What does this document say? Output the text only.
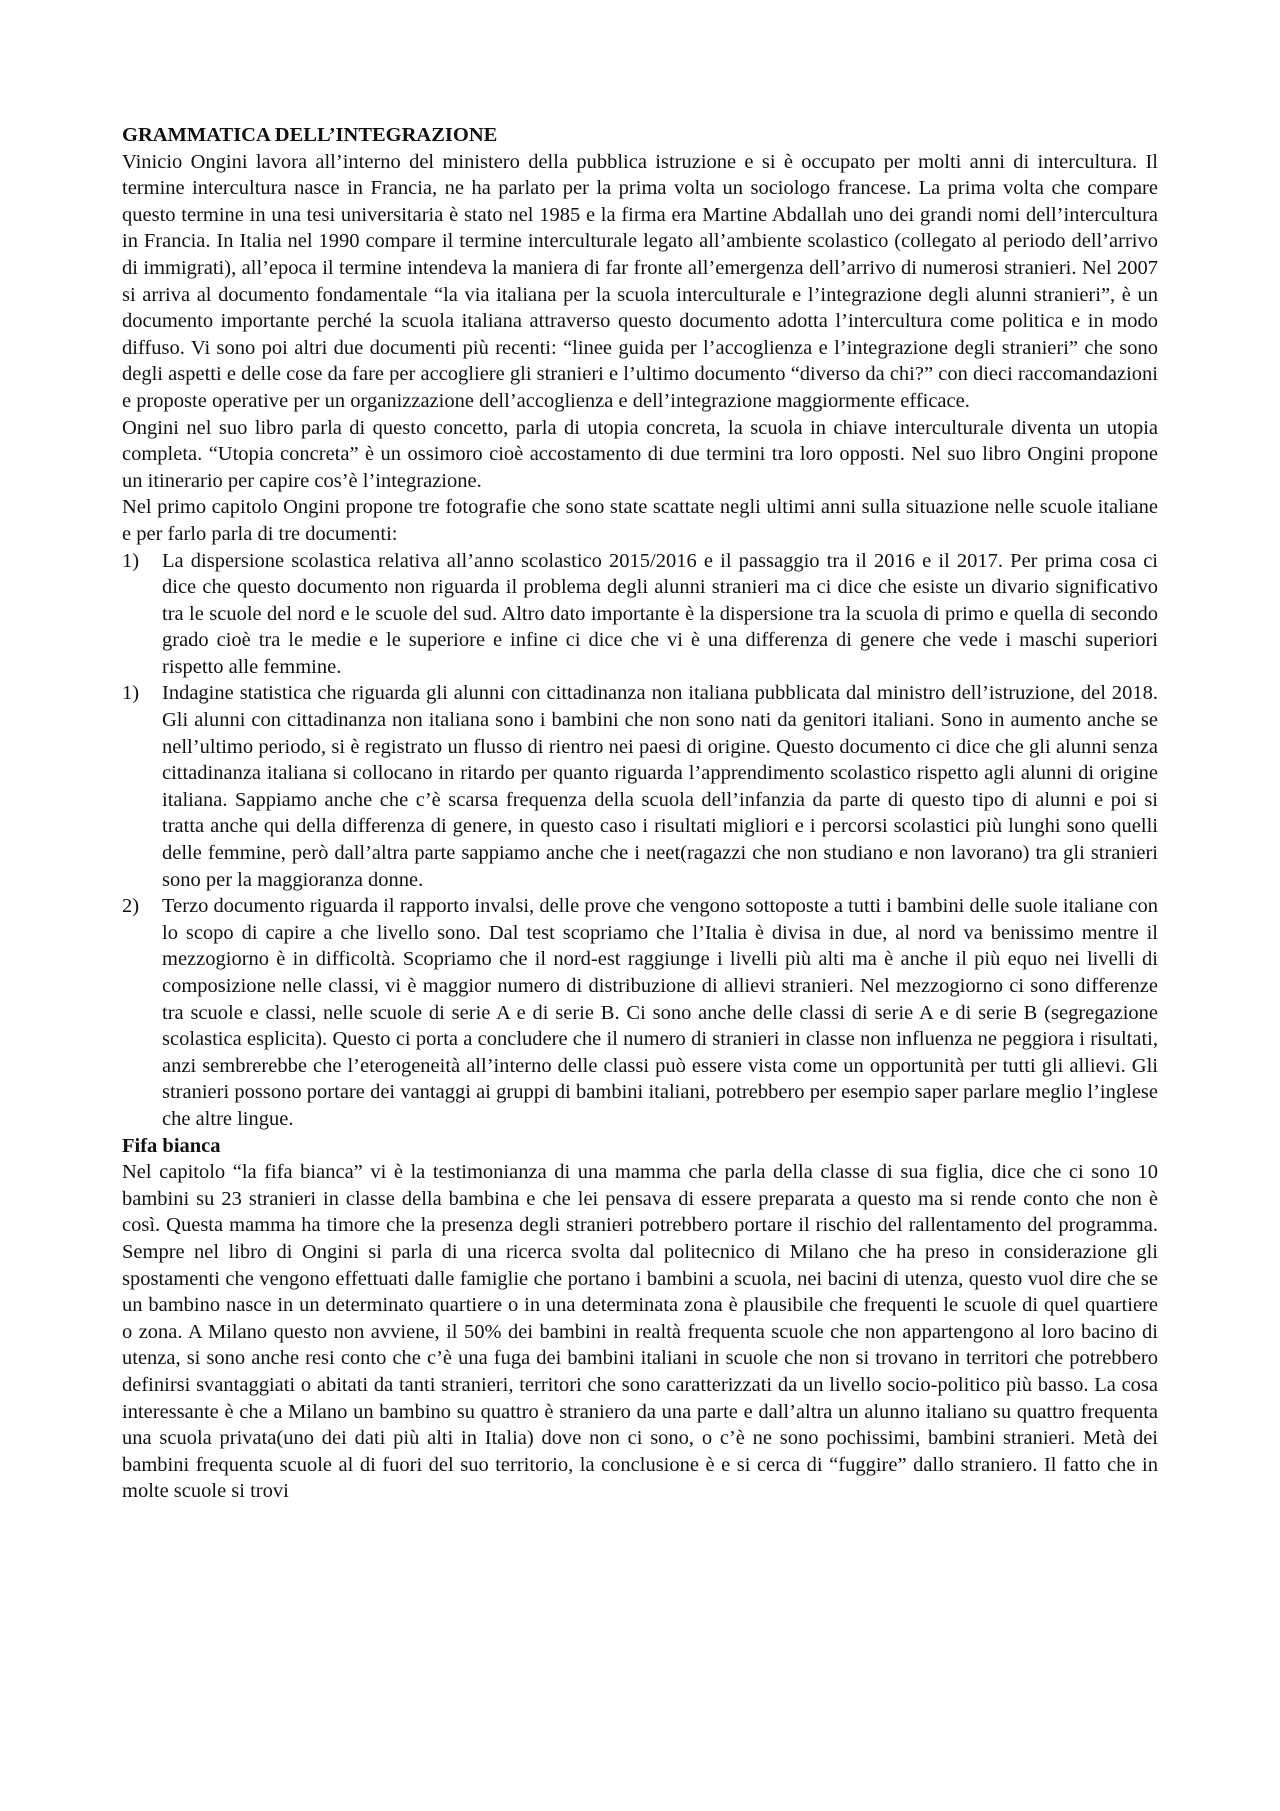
GRAMMATICA DELL’INTEGRAZIONE

Vinicio Ongini lavora all’interno del ministero della pubblica istruzione e si è occupato per molti anni di intercultura. Il termine intercultura nasce in Francia, ne ha parlato per la prima volta un sociologo francese. La prima volta che compare questo termine in una tesi universitaria è stato nel 1985 e la firma era Martine Abdallah uno dei grandi nomi dell’intercultura in Francia. In Italia nel 1990 compare il termine interculturale legato all’ambiente scolastico (collegato al periodo dell’arrivo di immigrati), all’epoca il termine intendeva la maniera di far fronte all’emergenza dell’arrivo di numerosi stranieri. Nel 2007 si arriva al documento fondamentale “la via italiana per la scuola interculturale e l’integrazione degli alunni stranieri”, è un documento importante perché la scuola italiana attraverso questo documento adotta l’intercultura come politica e in modo diffuso. Vi sono poi altri due documenti più recenti: “linee guida per l’accoglienza e l’integrazione degli stranieri” che sono degli aspetti e delle cose da fare per accogliere gli stranieri e l’ultimo documento “diverso da chi?” con dieci raccomandazioni e proposte operative per un organizzazione dell’accoglienza e dell’integrazione maggiormente efficace.

Ongini nel suo libro parla di questo concetto, parla di utopia concreta, la scuola in chiave interculturale diventa un utopia completa. “Utopia concreta” è un ossimoro cioè accostamento di due termini tra loro opposti. Nel suo libro Ongini propone un itinerario per capire cos’è l’integrazione.

Nel primo capitolo Ongini propone tre fotografie che sono state scattate negli ultimi anni sulla situazione nelle scuole italiane e per farlo parla di tre documenti:

1) La dispersione scolastica relativa all’anno scolastico 2015/2016 e il passaggio tra il 2016 e il 2017. Per prima cosa ci dice che questo documento non riguarda il problema degli alunni stranieri ma ci dice che esiste un divario significativo tra le scuole del nord e le scuole del sud. Altro dato importante è la dispersione tra la scuola di primo e quella di secondo grado cioè tra le medie e le superiore e infine ci dice che vi è una differenza di genere che vede i maschi superiori rispetto alle femmine.
1) Indagine statistica che riguarda gli alunni con cittadinanza non italiana pubblicata dal ministro dell’istruzione, del 2018. Gli alunni con cittadinanza non italiana sono i bambini che non sono nati da genitori italiani. Sono in aumento anche se nell’ultimo periodo, si è registrato un flusso di rientro nei paesi di origine. Questo documento ci dice che gli alunni senza cittadinanza italiana si collocano in ritardo per quanto riguarda l’apprendimento scolastico rispetto agli alunni di origine italiana. Sappiamo anche che c’è scarsa frequenza della scuola dell’infanzia da parte di questo tipo di alunni e poi si tratta anche qui della differenza di genere, in questo caso i risultati migliori e i percorsi scolastici più lunghi sono quelli delle femmine, però dall’altra parte sappiamo anche che i neet(ragazzi che non studiano e non lavorano) tra gli stranieri sono per la maggioranza donne.
2) Terzo documento riguarda il rapporto invalsi, delle prove che vengono sottoposte a tutti i bambini delle suole italiane con lo scopo di capire a che livello sono. Dal test scopriamo che l’Italia è divisa in due, al nord va benissimo mentre il mezzogiorno è in difficoltà. Scopriamo che il nord-est raggiunge i livelli più alti ma è anche il più equo nei livelli di composizione nelle classi, vi è maggior numero di distribuzione di allievi stranieri. Nel mezzogiorno ci sono differenze tra scuole e classi, nelle scuole di serie A e di serie B. Ci sono anche delle classi di serie A e di serie B (segregazione scolastica esplicita). Questo ci porta a concludere che il numero di stranieri in classe non influenza ne peggiora i risultati, anzi sembrerebbe che l’eterogeneità all’interno delle classi può essere vista come un opportunità per tutti gli allievi. Gli stranieri possono portare dei vantaggi ai gruppi di bambini italiani, potrebbero per esempio saper parlare meglio l’inglese che altre lingue.
Fifa bianca

Nel capitolo “la fifa bianca” vi è la testimonianza di una mamma che parla della classe di sua figlia, dice che ci sono 10 bambini su 23 stranieri in classe della bambina e che lei pensava di essere preparata a questo ma si rende conto che non è così. Questa mamma ha timore che la presenza degli stranieri potrebbero portare il rischio del rallentamento del programma. Sempre nel libro di Ongini si parla di una ricerca svolta dal politecnico di Milano che ha preso in considerazione gli spostamenti che vengono effettuati dalle famiglie che portano i bambini a scuola, nei bacini di utenza, questo vuol dire che se un bambino nasce in un determinato quartiere o in una determinata zona è plausibile che frequenti le scuole di quel quartiere o zona. A Milano questo non avviene, il 50% dei bambini in realtà frequenta scuole che non appartengono al loro bacino di utenza, si sono anche resi conto che c’è una fuga dei bambini italiani in scuole che non si trovano in territori che potrebbero definirsi svantaggiati o abitati da tanti stranieri, territori che sono caratterizzati da un livello socio-politico più basso. La cosa interessante è che a Milano un bambino su quattro è straniero da una parte e dall’altra un alunno italiano su quattro frequenta una scuola privata(uno dei dati più alti in Italia) dove non ci sono, o c’è ne sono pochissimi, bambini stranieri. Metà dei bambini frequenta scuole al di fuori del suo territorio, la conclusione è e si cerca di “fuggire” dallo straniero. Il fatto che in molte scuole si trovi
